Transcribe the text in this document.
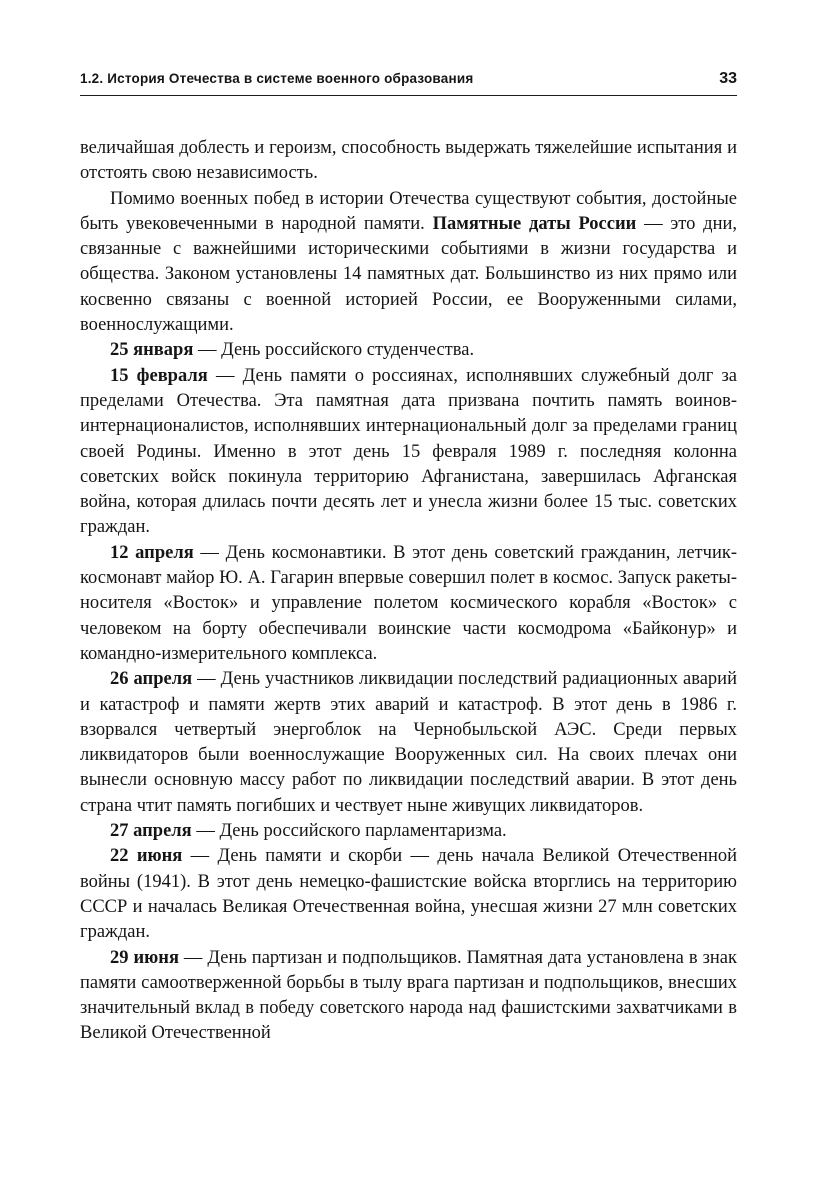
1.2. История Отечества в системе военного образования	33

величайшая доблесть и героизм, способность выдержать тяжелейшие испытания и отстоять свою независимость.

Помимо военных побед в истории Отечества существуют события, достойные быть увековеченными в народной памяти. Памятные даты России — это дни, связанные с важнейшими историческими событиями в жизни государства и общества. Законом установлены 14 памятных дат. Большинство из них прямо или косвенно связаны с военной историей России, ее Вооруженными силами, военнослужащими.

25 января — День российского студенчества.

15 февраля — День памяти о россиянах, исполнявших служебный долг за пределами Отечества. Эта памятная дата призвана почтить память воинов-интернационалистов, исполнявших интернациональный долг за пределами границ своей Родины. Именно в этот день 15 февраля 1989 г. последняя колонна советских войск покинула территорию Афганистана, завершилась Афганская война, которая длилась почти десять лет и унесла жизни более 15 тыс. советских граждан.

12 апреля — День космонавтики. В этот день советский гражданин, летчик-космонавт майор Ю. А. Гагарин впервые совершил полет в космос. Запуск ракеты-носителя «Восток» и управление полетом космического корабля «Восток» с человеком на борту обеспечивали воинские части космодрома «Байконур» и командно-измерительного комплекса.

26 апреля — День участников ликвидации последствий радиационных аварий и катастроф и памяти жертв этих аварий и катастроф. В этот день в 1986 г. взорвался четвертый энергоблок на Чернобыльской АЭС. Среди первых ликвидаторов были военнослужащие Вооруженных сил. На своих плечах они вынесли основную массу работ по ликвидации последствий аварии. В этот день страна чтит память погибших и чествует ныне живущих ликвидаторов.

27 апреля — День российского парламентаризма.

22 июня — День памяти и скорби — день начала Великой Отечественной войны (1941). В этот день немецко-фашистские войска вторглись на территорию СССР и началась Великая Отечественная война, унесшая жизни 27 млн советских граждан.

29 июня — День партизан и подпольщиков. Памятная дата установлена в знак памяти самоотверженной борьбы в тылу врага партизан и подпольщиков, внесших значительный вклад в победу советского народа над фашистскими захватчиками в Великой Отечественной
